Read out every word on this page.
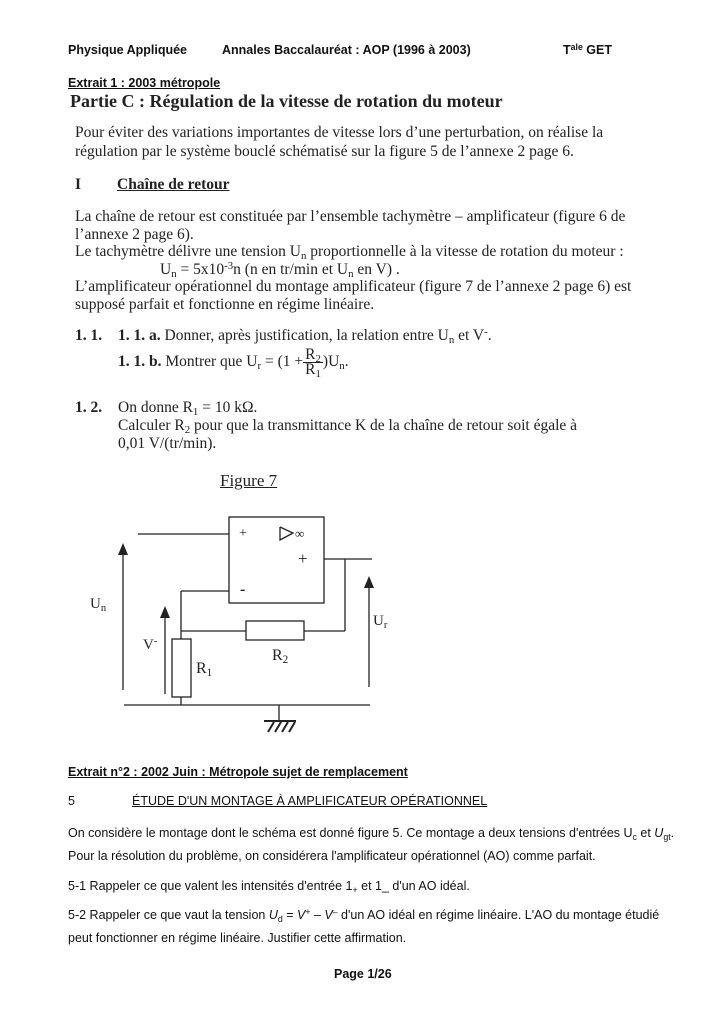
Physique Appliquée	Annales Baccalauréat : AOP (1996 à 2003)	$T^{ale}$ GET
Extrait 1 : 2003 métropole
Partie C : Régulation de la vitesse de rotation du moteur
Pour éviter des variations importantes de vitesse lors d’une perturbation, on réalise la
régulation par le système bouclé schématisé sur la figure 5 de l’annexe 2 page 6.
I Chaîne de retour
La chaîne de retour est constituée par l’ensemble tachymètre – amplificateur (figure 6 de
l’annexe 2 page 6).
Le tachymètre délivre une tension $U_n$ proportionnelle à la vitesse de rotation du moteur :
$U_n = 5x10^{-3}n$ (n en tr/min et $U_n$ en V) .
L’amplificateur opérationnel du montage amplificateur (figure 7 de l’annexe 2 page 6) est
supposé parfait et fonctionne en régime linéaire.
1. 1. 1. 1. a. Donner, après justification, la relation entre $U_n$ et V-.
1. 1. b. Montrer que $U_r = (1 + \frac{R_2}{R_1} )U_n$.
1. 2. On donne $R_1 = 10$ kΩ.
Calculer $R_2$ pour que la transmittance K de la chaîne de retour soit égale à
0,01 V/(tr/min).
Figure 7
+	∞
+
-
$U_n$
V-
$R_1$
$R_2$
$U_r$
Extrait n°2 : 2002 Juin : Métropole sujet de remplacement
5	ÉTUDE D'UN MONTAGE À AMPLIFICATEUR OPÉRATIONNEL
On considère le montage dont le schéma est donné figure 5. Ce montage a deux tensions d'entrées $U_c$ et $U_{gt}$.
Pour la résolution du problème, on considérera l'amplificateur opérationnel (AO) comme parfait.
5-1 Rappeler ce que valent les intensités d'entrée $1_+$ et 1_ d'un AO idéal.
5-2 Rappeler ce que vaut la tension $U_d = V^+ - V^-$ d'un AO idéal en régime linéaire. L'AO du montage étudié
peut fonctionner en régime linéaire. Justifier cette affirmation.
Page 1/26
